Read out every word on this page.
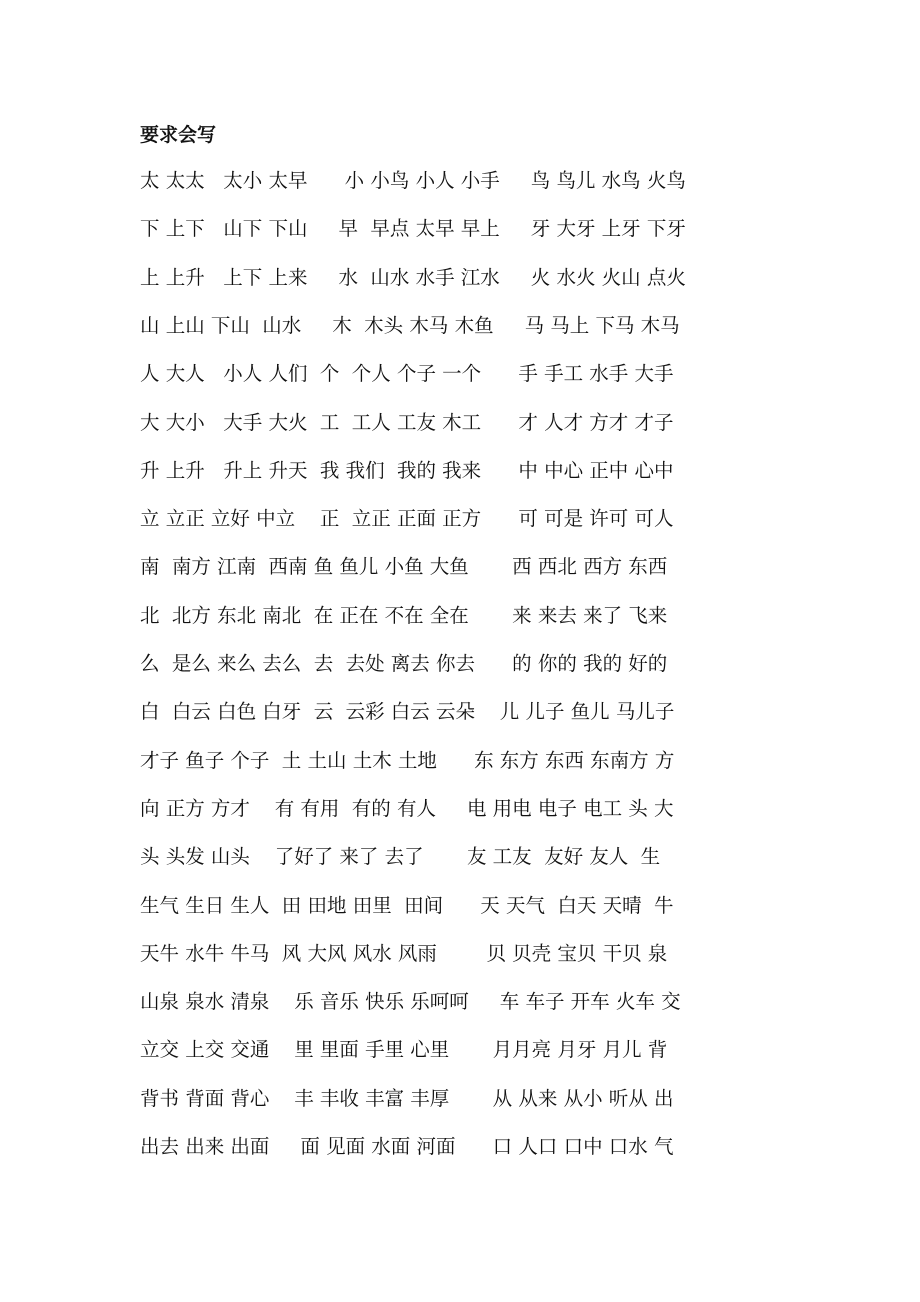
要求会写
太 太太   太小 太早      小 小鸟 小人 小手     鸟 鸟儿 水鸟 火鸟
下 上下   山下 下山     早  早点 太早 早上     牙 大牙 上牙 下牙
上 上升   上下 上来     水  山水 水手 江水     火 水火 火山 点火
山 上山 下山  山水     木  木头 木马 木鱼     马 马上 下马 木马
人 大人   小人 人们  个  个人 个子 一个      手 手工 水手 大手
大 大小   大手 大火  工  工人 工友 木工      才 人才 方才 才子
升 上升   升上 升天  我 我们  我的 我来      中 中心 正中 心中
立 立正 立好 中立    正  立正 正面 正方      可 可是 许可 可人
南  南方 江南  西南 鱼 鱼儿 小鱼 大鱼       西 西北 西方 东西
北  北方 东北 南北  在 正在 不在 全在       来 来去 来了 飞来
么  是么 来么 去么  去  去处 离去 你去      的 你的 我的 好的
白  白云 白色 白牙  云  云彩 白云 云朵    儿 儿子 鱼儿 马儿子
才子 鱼子 个子  土 土山 土木 土地      东 东方 东西 东南方 方
向 正方 方才    有 有用  有的 有人     电 用电 电子 电工 头 大
头 头发 山头    了好了 来了 去了       友 工友  友好 友人  生
生气 生日 生人  田 田地 田里  田间      天 天气  白天 天晴  牛
天牛 水牛 牛马  风 大风 风水 风雨        贝 贝壳 宝贝 干贝 泉
山泉 泉水 清泉    乐 音乐 快乐 乐呵呵     车 车子 开车 火车 交
立交 上交 交通    里 里面 手里 心里       月月亮 月牙 月儿 背
背书 背面 背心    丰 丰收 丰富 丰厚       从 从来 从小 听从 出
出去 出来 出面     面 见面 水面 河面      口 人口 口中 口水 气
